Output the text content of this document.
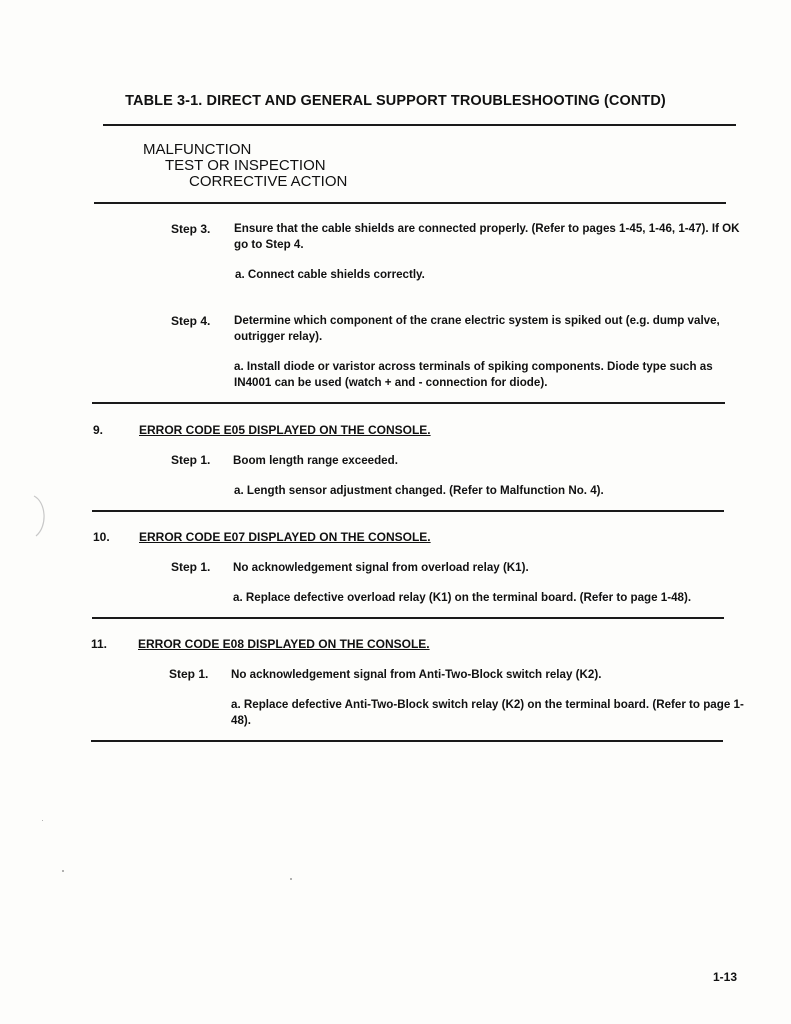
TABLE 3-1. DIRECT AND GENERAL SUPPORT TROUBLESHOOTING (CONTD)
MALFUNCTION
TEST OR INSPECTION
CORRECTIVE ACTION
Step 3. Ensure that the cable shields are connected properly. (Refer to pages 1-45, 1-46, 1-47). If OK go to Step 4.
a. Connect cable shields correctly.
Step 4. Determine which component of the crane electric system is spiked out (e.g. dump valve, outrigger relay).
a. Install diode or varistor across terminals of spiking components. Diode type such as IN4001 can be used (watch + and - connection for diode).
9.	ERROR CODE E05 DISPLAYED ON THE CONSOLE.
Step 1. Boom length range exceeded.
a. Length sensor adjustment changed. (Refer to Malfunction No. 4).
10. ERROR CODE E07 DISPLAYED ON THE CONSOLE.
Step 1. No acknowledgement signal from overload relay (K1).
a. Replace defective overload relay (K1) on the terminal board. (Refer to page 1-48).
11.	ERROR CODE E08 DISPLAYED ON THE CONSOLE.
Step 1. No acknowledgement signal from Anti-Two-Block switch relay (K2).
a. Replace defective Anti-Two-Block switch relay (K2) on the terminal board. (Refer to page 1-48).
1-13
